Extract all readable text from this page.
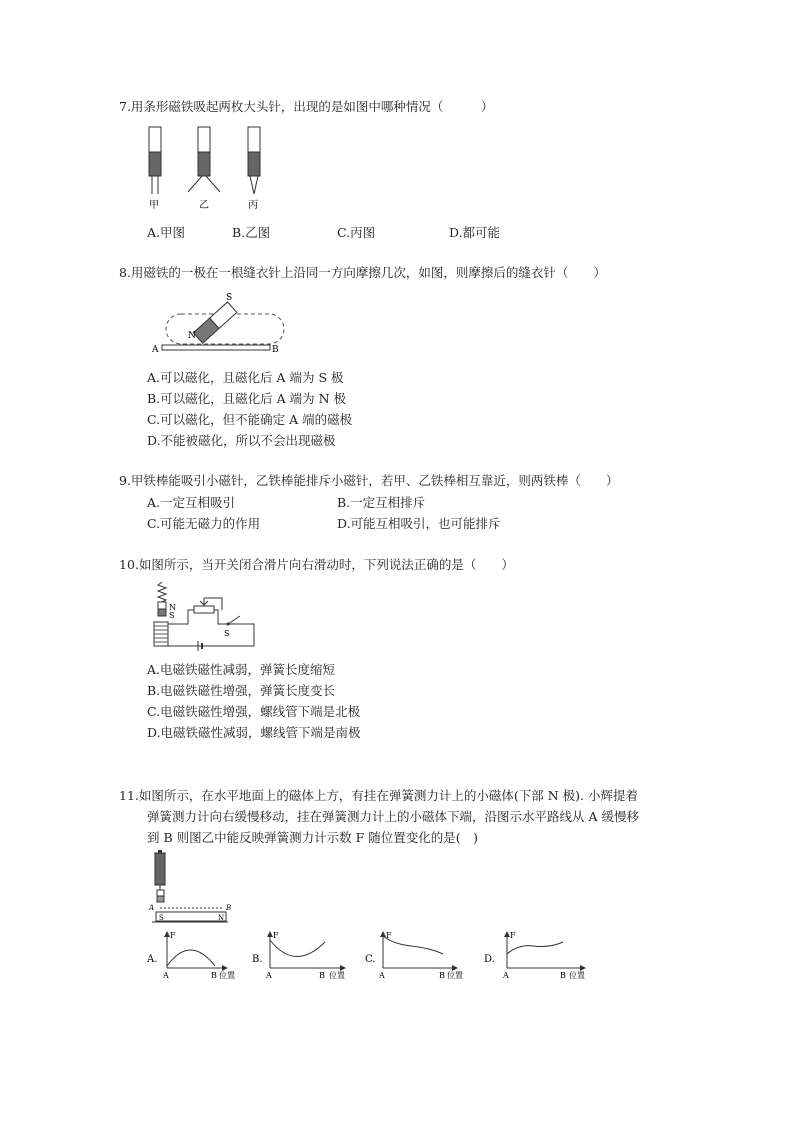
7.用条形磁铁吸起两枚大头针，出现的是如图中哪种情况（　　　）
甲	乙	丙
A.甲图	B.乙图	C.丙图	D.都可能
8.用磁铁的一极在一根缝衣针上沿同一方向摩擦几次，如图，则摩擦后的缝衣针（　　）
S
N
A	B
A.可以磁化，且磁化后 A 端为 S 极
B.可以磁化，且磁化后 A 端为 N 极
C.可以磁化，但不能确定 A 端的磁极
D.不能被磁化，所以不会出现磁极
9.甲铁棒能吸引小磁针，乙铁棒能排斥小磁针，若甲、乙铁棒相互靠近，则两铁棒（　　）
A.一定互相吸引	B.一定互相排斥
C.可能无磁力的作用	D.可能互相吸引，也可能排斥
10.如图所示，当开关闭合滑片向右滑动时，下列说法正确的是（　　）
N
S
S
A.电磁铁磁性减弱，弹簧长度缩短
B.电磁铁磁性增强，弹簧长度变长
C.电磁铁磁性增强，螺线管下端是北极
D.电磁铁磁性减弱，螺线管下端是南极
11.如图所示，在水平地面上的磁体上方，有挂在弹簧测力计上的小磁体(下部 N 极). 小辉提着
弹簧测力计向右缓慢移动，挂在弹簧测力计上的小磁体下端，沿图示水平路线从 A 缓慢移
到 B 则图乙中能反映弹簧测力计示数 F 随位置变化的是(　)
A	B
S	N
A.
F
A	B 位置
B.
F
A	B 位置
C.
F
A	B 位置
D.
F
A	B 位置
